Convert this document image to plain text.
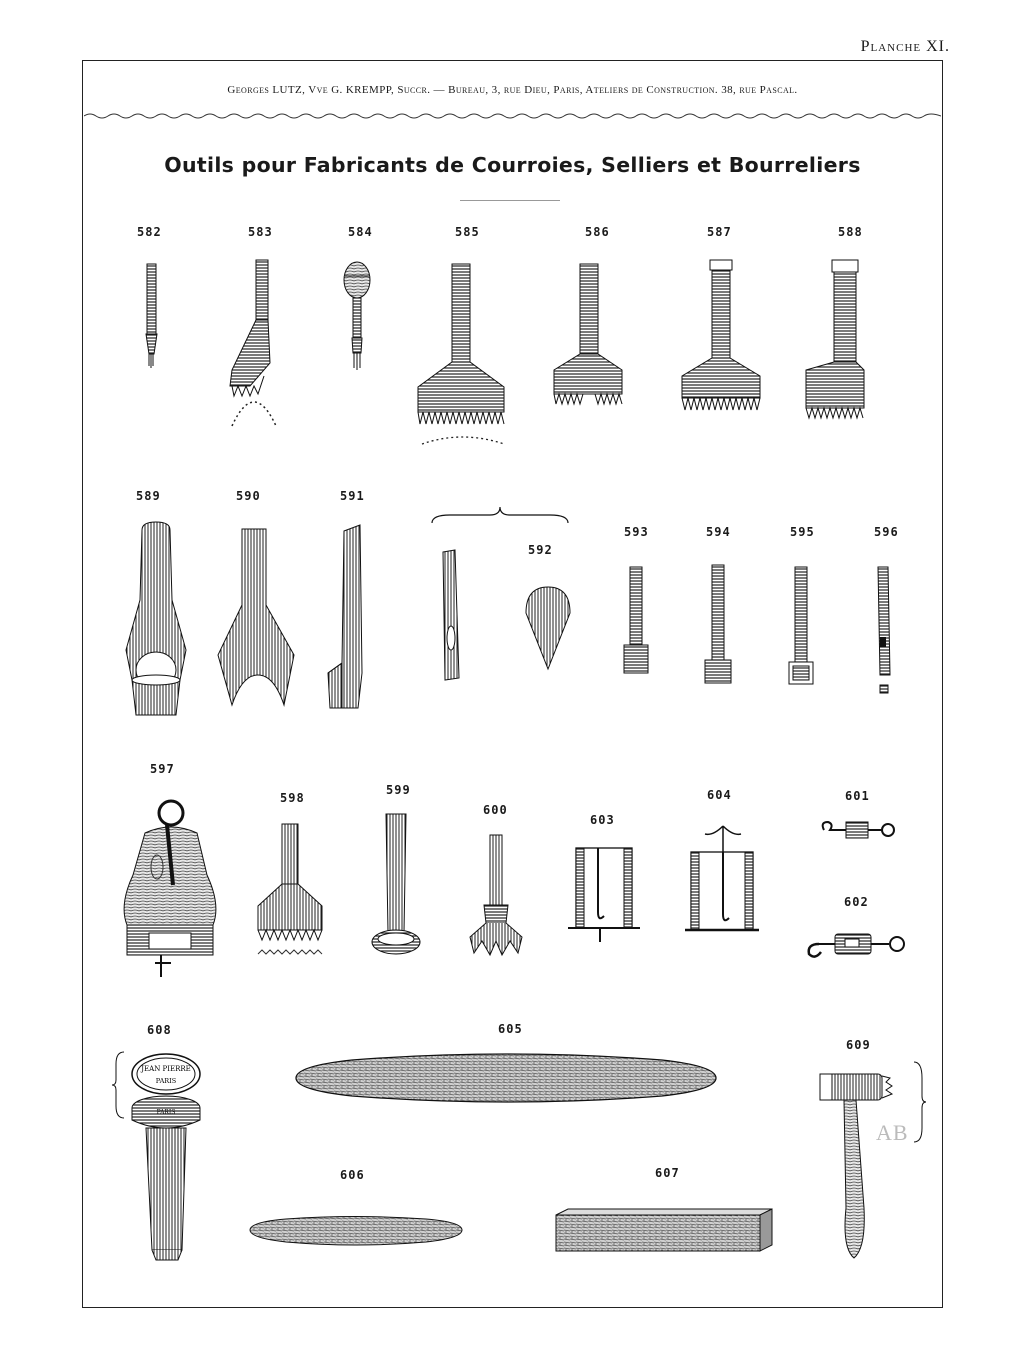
Planche XI.
Georges LUTZ, Vve G. KREMPP, Succr. — Bureau, 3, rue Dieu, Paris, Ateliers de Construction. 38, rue Pascal.
Outils pour Fabricants de Courroies, Selliers et Bourreliers
582	583	584	585	586	587	588
589	590	591
592
593	594	595	596
597
598
599
600
603
604	601
602
608
JEAN PIERRE
PARIS
PARIS
605
609
AB
606	607
